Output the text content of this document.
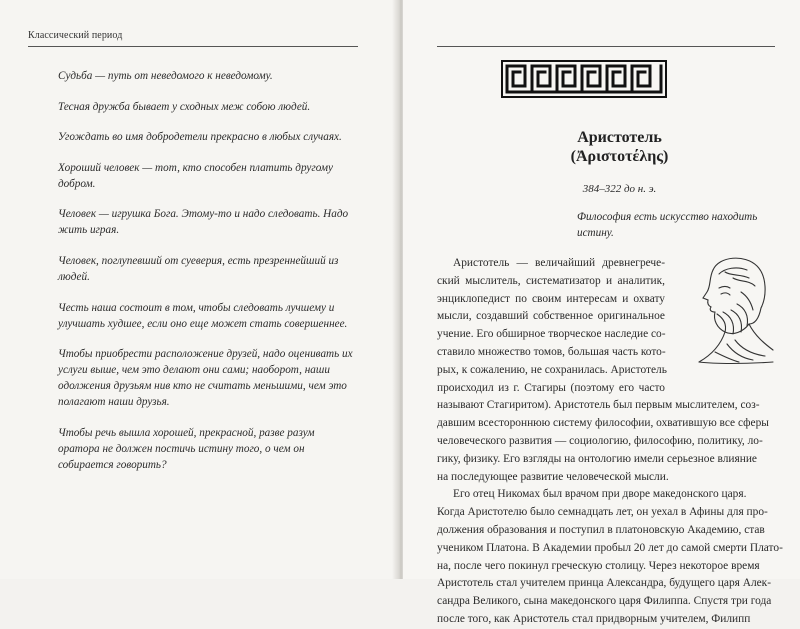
Классический период

Судьба — путь от неведомого к неведомому.

Тесная дружба бывает у сходных меж собою людей.

Угождать во имя добродетели прекрасно в любых случаях.

Хороший человек — тот, кто способен платить другому добром.

Человек — игрушка Бога. Этому-то и надо следовать. Надо жить играя.

Человек, поглупевший от суеверия, есть презреннейший из людей.

Честь наша состоит в том, чтобы следовать лучшему и улучшать худшее, если оно еще может стать совершеннее.

Чтобы приобрести расположение друзей, надо оценивать их услуги выше, чем это делают они сами; наоборот, наши одолжения друзьям нив кто не считать меньшими, чем это полагают наши друзья.

Чтобы речь вышла хорошей, прекрасной, разве разум оратора не должен постичь истину того, о чем он собирается говорить?

Аристотель
(Ἀριστοτέλης)
384–322 до н. э.
Философия есть искусство находить истину.

Аристотель — величайший древнегрече-
ский мыслитель, систематизатор и аналитик,
энциклопедист по своим интересам и охвату
мысли, создавший собственное оригинальное
учение. Его обширное творческое наследие со-
ставило множество томов, большая часть кото-
рых, к сожалению, не сохранилась. Аристотель
происходил из г. Стагиры (поэтому его часто
называют Стагиритом). Аристотель был первым мыслителем, соз-
давшим всестороннюю систему философии, охватившую все сферы
человеческого развития — социологию, философию, политику, ло-
гику, физику. Его взгляды на онтологию имели серьезное влияние
на последующее развитие человеческой мысли.

Его отец Никомах был врачом при дворе македонского царя.
Когда Аристотелю было семнадцать лет, он уехал в Афины для про-
должения образования и поступил в платоновскую Академию, став
учеником Платона. В Академии пробыл 20 лет до самой смерти Плато-
на, после чего покинул греческую столицу. Через некоторое время
Аристотель стал учителем принца Александра, будущего царя Алек-
сандра Великого, сына македонского царя Филиппа. Спустя три года
после того, как Аристотель стал придворным учителем, Филипп
